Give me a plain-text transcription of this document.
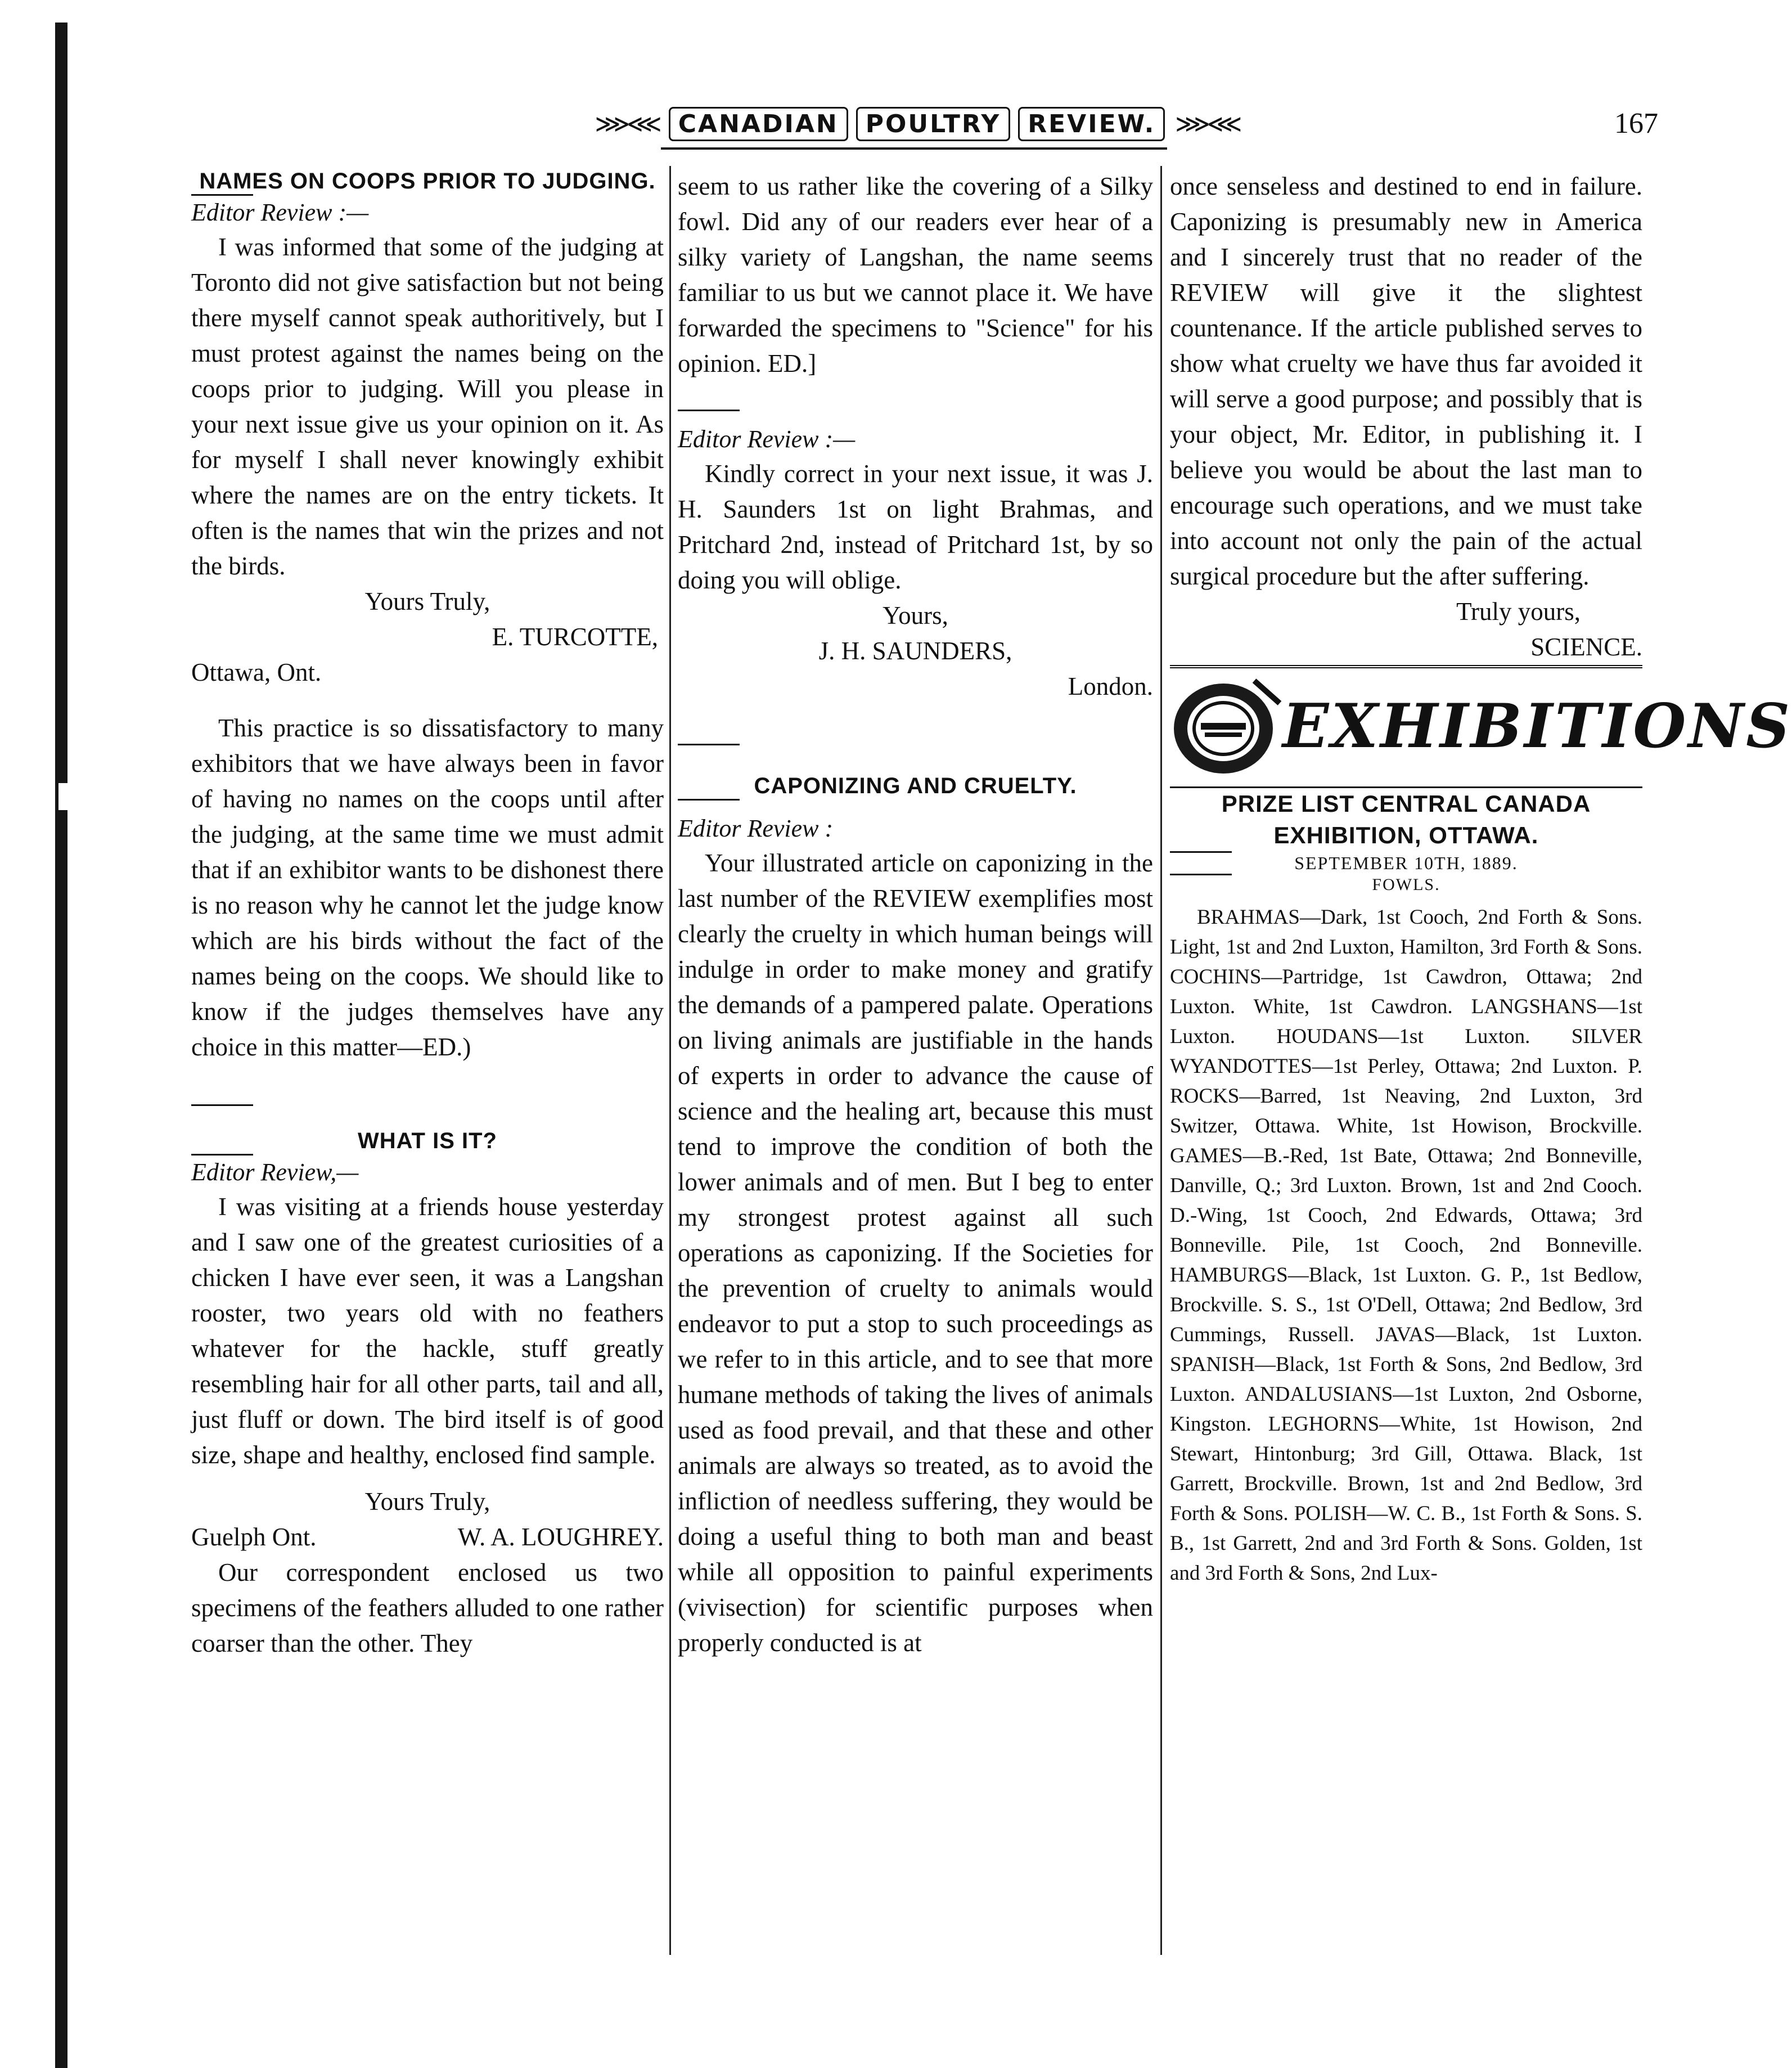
⋙⋘ CANADIAN	POULTRY	REVIEW. ⋙⋘	167

NAMES ON COOPS PRIOR TO JUDGING.

Editor Review :—

I was informed that some of the judging at Toronto did not give satisfaction but not being there myself cannot speak authoritively, but I must protest against the names being on the coops prior to judging. Will you please in your next issue give us your opinion on it. As for myself I shall never knowingly exhibit where the names are on the entry tickets. It often is the names that win the prizes and not the birds.

Yours Truly,

E. TURCOTTE,

Ottawa, Ont.

This practice is so dissatisfactory to many exhibitors that we have always been in favor of having no names on the coops until after the judging, at the same time we must admit that if an exhibitor wants to be dishonest there is no reason why he cannot let the judge know which are his birds without the fact of the names being on the coops. We should like to know if the judges themselves have any choice in this matter—ED.)

WHAT IS IT?

Editor Review,—

I was visiting at a friends house yesterday and I saw one of the greatest curiosities of a chicken I have ever seen, it was a Langshan rooster, two years old with no feathers whatever for the hackle, stuff greatly resembling hair for all other parts, tail and all, just fluff or down. The bird itself is of good size, shape and healthy, enclosed find sample.

Yours Truly,

Guelph Ont.	W. A. LOUGHREY.

Our correspondent enclosed us two specimens of the feathers alluded to one rather coarser than the other. They

seem to us rather like the covering of a Silky fowl. Did any of our readers ever hear of a silky variety of Langshan, the name seems familiar to us but we cannot place it. We have forwarded the specimens to "Science" for his opinion. ED.]

Editor Review :—

Kindly correct in your next issue, it was J. H. Saunders 1st on light Brahmas, and Pritchard 2nd, instead of Pritchard 1st, by so doing you will oblige.

Yours,

J. H. SAUNDERS,

London.

CAPONIZING AND CRUELTY.

Editor Review :

Your illustrated article on caponizing in the last number of the REVIEW exemplifies most clearly the cruelty in which human beings will indulge in order to make money and gratify the demands of a pampered palate. Operations on living animals are justifiable in the hands of experts in order to advance the cause of science and the healing art, because this must tend to improve the condition of both the lower animals and of men. But I beg to enter my strongest protest against all such operations as caponizing. If the Societies for the prevention of cruelty to animals would endeavor to put a stop to such proceedings as we refer to in this article, and to see that more humane methods of taking the lives of animals used as food prevail, and that these and other animals are always so treated, as to avoid the infliction of needless suffering, they would be doing a useful thing to both man and beast while all opposition to painful experiments (vivisection) for scientific purposes when properly conducted is at

once senseless and destined to end in failure. Caponizing is presumably new in America and I sincerely trust that no reader of the REVIEW will give it the slightest countenance. If the article published serves to show what cruelty we have thus far avoided it will serve a good purpose; and possibly that is your object, Mr. Editor, in publishing it. I believe you would be about the last man to encourage such operations, and we must take into account not only the pain of the actual surgical procedure but the after suffering.

Truly yours,

SCIENCE.

EXHIBITIONS

PRIZE LIST CENTRAL CANADA EXHIBITION, OTTAWA.

SEPTEMBER 10TH, 1889.

FOWLS.

BRAHMAS—Dark, 1st Cooch, 2nd Forth & Sons. Light, 1st and 2nd Luxton, Hamilton, 3rd Forth & Sons. COCHINS—Partridge, 1st Cawdron, Ottawa; 2nd Luxton. White, 1st Cawdron. LANGSHANS—1st Luxton. HOUDANS—1st Luxton. SILVER WYANDOTTES—1st Perley, Ottawa; 2nd Luxton. P. ROCKS—Barred, 1st Neaving, 2nd Luxton, 3rd Switzer, Ottawa. White, 1st Howison, Brockville. GAMES—B.-Red, 1st Bate, Ottawa; 2nd Bonneville, Danville, Q.; 3rd Luxton. Brown, 1st and 2nd Cooch. D.-Wing, 1st Cooch, 2nd Edwards, Ottawa; 3rd Bonneville. Pile, 1st Cooch, 2nd Bonneville. HAMBURGS—Black, 1st Luxton. G. P., 1st Bedlow, Brockville. S. S., 1st O'Dell, Ottawa; 2nd Bedlow, 3rd Cummings, Russell. JAVAS—Black, 1st Luxton. SPANISH—Black, 1st Forth & Sons, 2nd Bedlow, 3rd Luxton. ANDALUSIANS—1st Luxton, 2nd Osborne, Kingston. LEGHORNS—White, 1st Howison, 2nd Stewart, Hintonburg; 3rd Gill, Ottawa. Black, 1st Garrett, Brockville. Brown, 1st and 2nd Bedlow, 3rd Forth & Sons. POLISH—W. C. B., 1st Forth & Sons. S. B., 1st Garrett, 2nd and 3rd Forth & Sons. Golden, 1st and 3rd Forth & Sons, 2nd Lux-
